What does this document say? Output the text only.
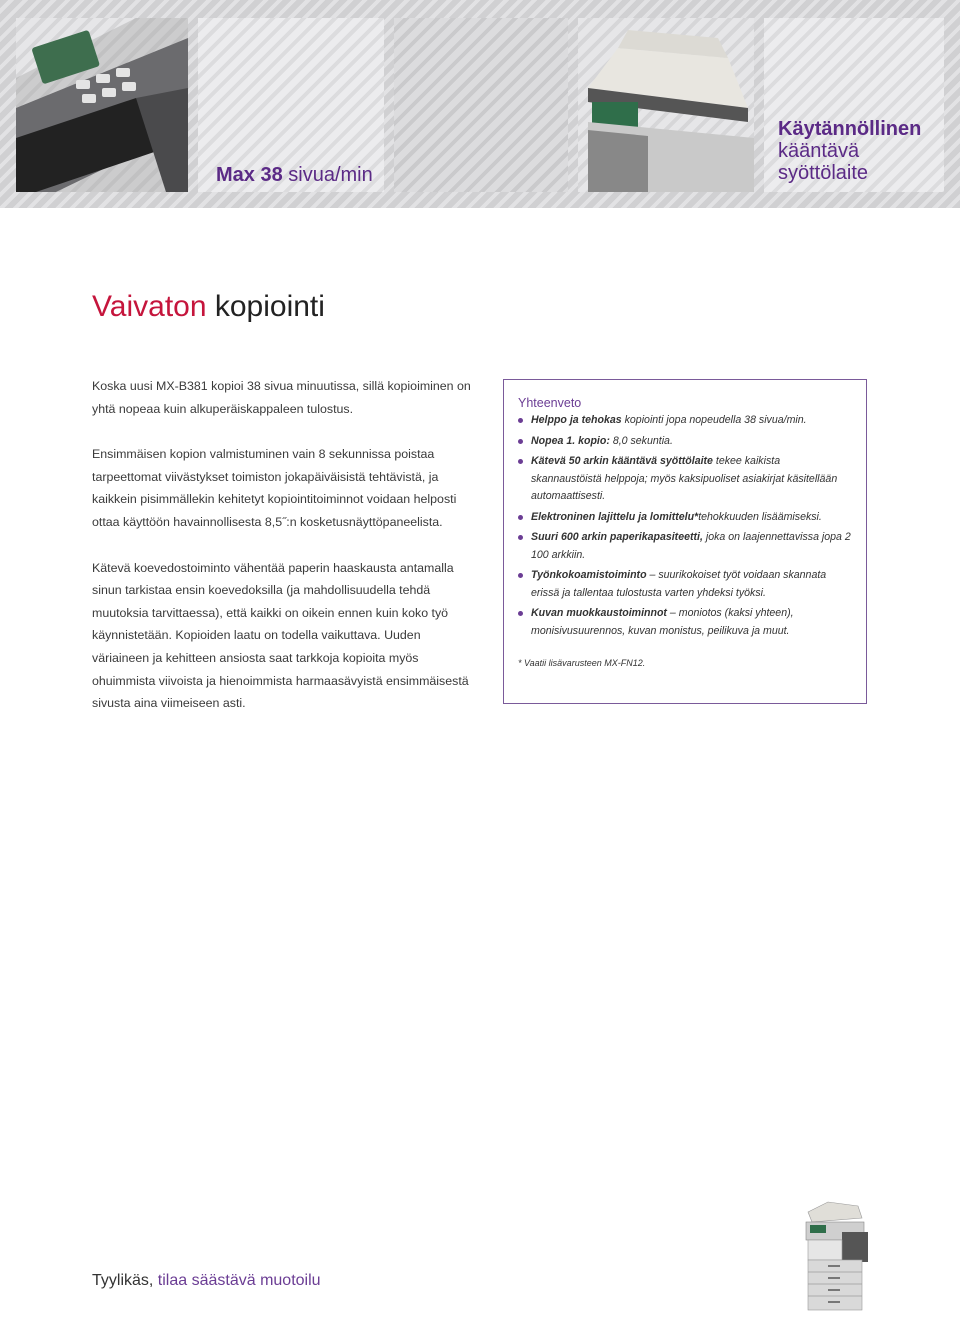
Max 38 sivua/min
Käytännöllinen
kääntävä
syöttölaite
Vaivaton kopiointi

Koska uusi MX-B381 kopioi 38 sivua minuutissa, sillä kopioiminen on yhtä nopeaa kuin alkuperäiskappaleen tulostus.

Ensimmäisen kopion valmistuminen vain 8 sekunnissa poistaa tarpeettomat viivästykset toimiston jokapäiväisistä tehtävistä, ja kaikkein pisimmällekin kehitetyt kopiointitoiminnot voidaan helposti ottaa käyttöön havainnollisesta 8,5˝:n kosketusnäyttöpaneelista.

Kätevä koevedostoiminto vähentää paperin haaskausta antamalla sinun tarkistaa ensin koevedoksilla (ja mahdollisuudella tehdä muutoksia tarvittaessa), että kaikki on oikein ennen kuin koko työ käynnistetään. Kopioiden laatu on todella vaikuttava. Uuden väriaineen ja kehitteen ansiosta saat tarkkoja kopioita myös ohuimmista viivoista ja hienoimmista harmaasävyistä ensimmäisestä sivusta aina viimeiseen asti.

Yhteenveto
Helppo ja tehokas kopiointi jopa nopeudella 38 sivua/min.
Nopea 1. kopio: 8,0 sekuntia.
Kätevä 50 arkin kääntävä syöttölaite tekee kaikista skannaustöistä helppoja; myös kaksipuoliset asiakirjat käsitellään automaattisesti.
Elektroninen lajittelu ja lomittelu*tehokkuuden lisäämiseksi.
Suuri 600 arkin paperikapasiteetti, joka on laajennettavissa jopa 2 100 arkkiin.
Työnkokoamistoiminto – suurikokoiset työt voidaan skannata erissä ja tallentaa tulostusta varten yhdeksi työksi.
Kuvan muokkaustoiminnot – moniotos (kaksi yhteen), monisivusuurennos, kuvan monistus, peilikuva ja muut.
* Vaatii lisävarusteen MX-FN12.
Tyylikäs, tilaa säästävä muotoilu
